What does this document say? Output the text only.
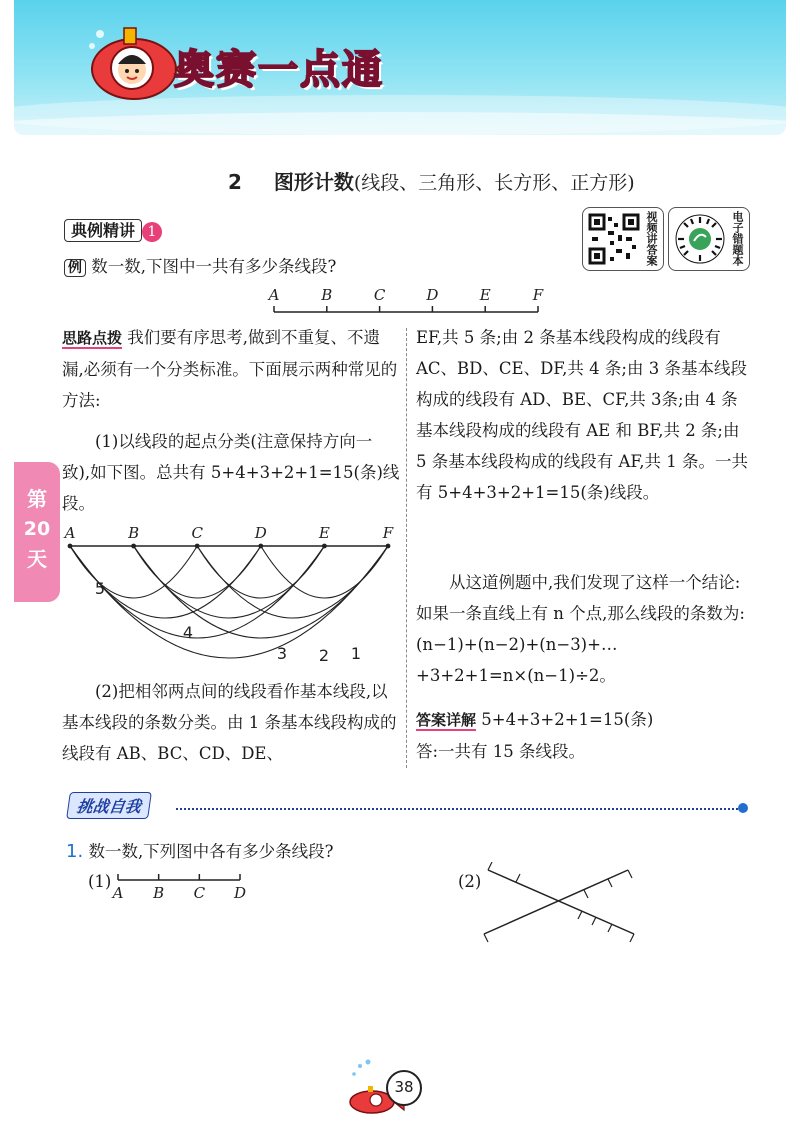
奥赛一点通
2 图形计数(线段、三角形、长方形、正方形)
典例精讲 1
例 数一数,下图中一共有多少条线段?
视频讲答案	电子错题本
A	B	C	D	E	F
第
20
天
思路点拨 我们要有序思考,做到不重复、不遗漏,必须有一个分类标准。下面展示两种常见的方法:
(1)以线段的起点分类(注意保持方向一致),如下图。总共有 5+4+3+2+1=15(条)线段。
A	B	C	D	E	F
5
4
3 2 1
(2)把相邻两点间的线段看作基本线段,以基本线段的条数分类。由 1 条基本线段构成的线段有 AB、BC、CD、DE、
EF,共 5 条;由 2 条基本线段构成的线段有 AC、BD、CE、DF,共 4 条;由 3 条基本线段构成的线段有 AD、BE、CF,共 3条;由 4 条基本线段构成的线段有 AE 和 BF,共 2 条;由 5 条基本线段构成的线段有 AF,共 1 条。一共有 5+4+3+2+1=15(条)线段。
从这道例题中,我们发现了这样一个结论:如果一条直线上有 n 个点,那么线段的条数为:(n−1)+(n−2)+(n−3)+…+3+2+1=n×(n−1)÷2。
答案详解 5+4+3+2+1=15(条)
答:一共有 15 条线段。
挑战自我
1. 数一数,下列图中各有多少条线段?
(1)
A B C D
(2)
38
